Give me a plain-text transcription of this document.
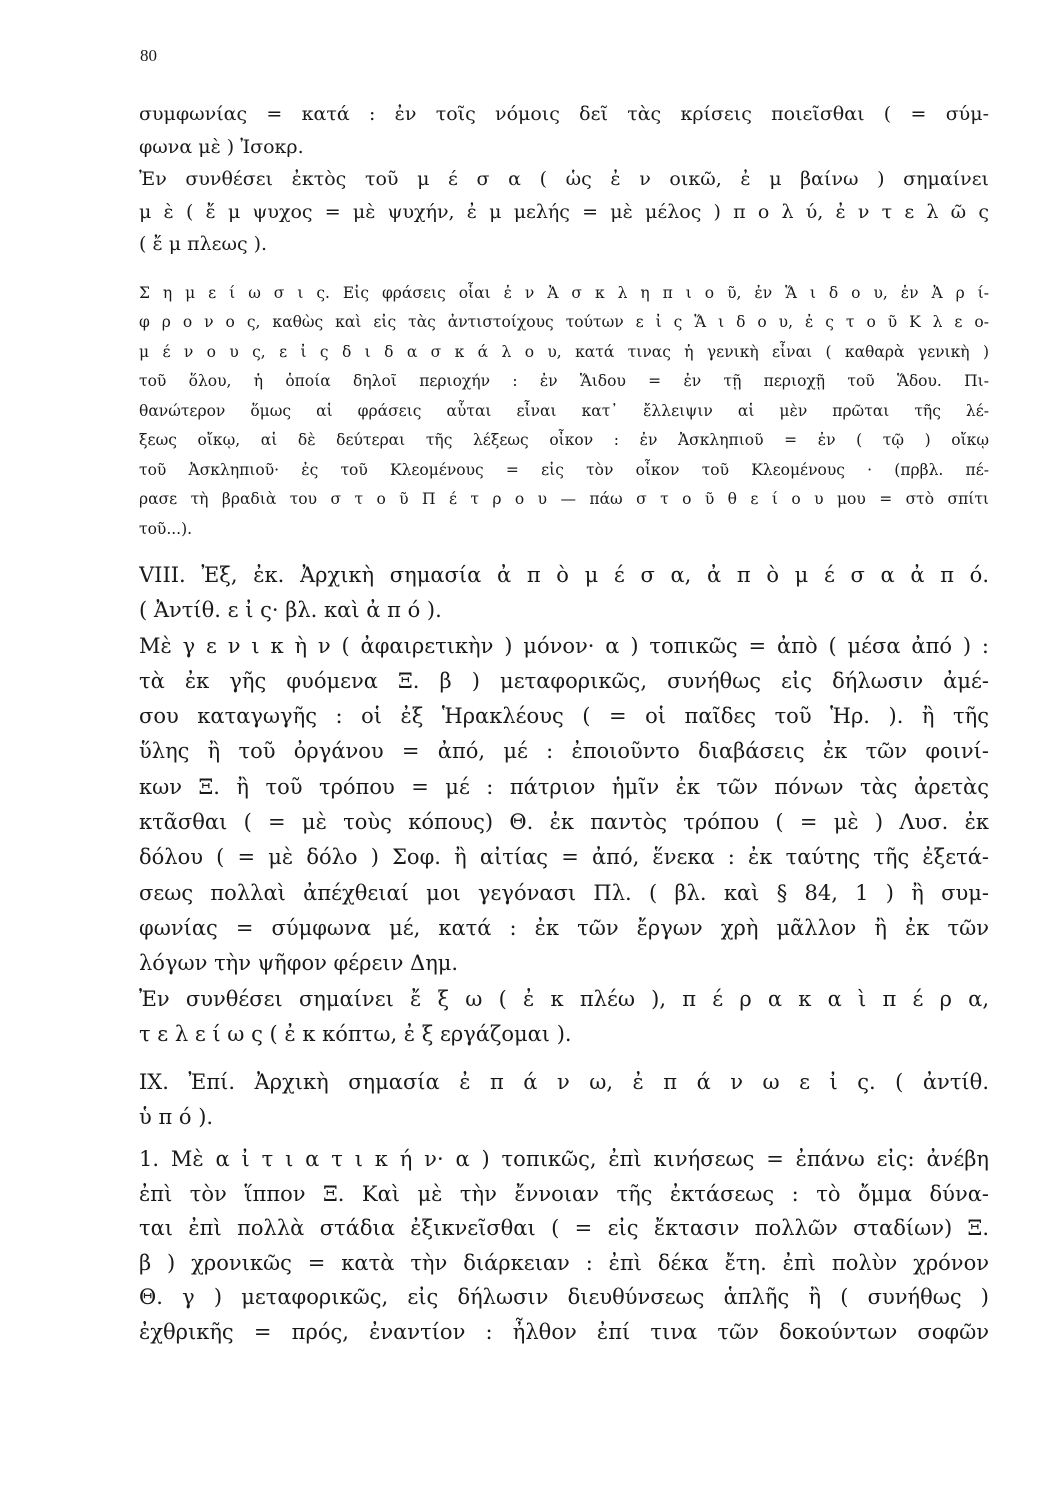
80
συμφωνίας = κατά : ἐν τοῖς νόμοις δεῖ τὰς κρίσεις ποιεῖσθαι ( = σύμ-
φωνα μὲ ) Ἰσοκρ.
Ἐν συνθέσει ἐκτὸς τοῦ μ έ σ α ( ὡς ἐ ν οικῶ, ἐ μ βαίνω ) σημαίνει
μ ὲ ( ἔ μ ψυχος = μὲ ψυχήν, ἐ μ μελής = μὲ μέλος ) π ο λ ύ, ἐ ν τ ε λ ῶ ς
( ἔ μ πλεως ).
Σ η μ ε ί ω σ ι ς. Εἰς φράσεις οἷαι ἐ ν Ἀ σ κ λ η π ι ο ῦ, ἐν Ἅ ι δ ο υ, ἐν Ἀ ρ ί-
φ ρ ο ν ο ς, καθὼς καὶ εἰς τὰς ἀντιστοίχους τούτων ε ἰ ς Ἅ ι δ ο υ, ἐ ς τ ο ῦ Κ λ ε ο-
μ έ ν ο υ ς, ε ἰ ς δ ι δ α σ κ ά λ ο υ, κατά τινας ἡ γενικὴ εἶναι ( καθαρὰ γενικὴ )
τοῦ ὅλου, ἡ ὁποία δηλοῖ περιοχήν : ἐν Ἅιδου = ἐν τῇ περιοχῇ τοῦ Ἅδου. Πι-
θανώτερον ὅμως αἱ φράσεις αὗται εἶναι κατ᾽ ἔλλειψιν αἱ μὲν πρῶται τῆς λέ-
ξεως οἴκῳ, αἱ δὲ δεύτεραι τῆς λέξεως οἶκον : ἐν Ἀσκληπιοῦ = ἐν ( τῷ ) οἴκῳ
τοῦ Ἀσκληπιοῦ· ἐς τοῦ Κλεομένους = εἰς τὸν οἶκον τοῦ Κλεομένους · (πρβλ. πέ-
ρασε τὴ βραδιὰ του σ τ ο ῦ Π έ τ ρ ο υ — πάω σ τ ο ῦ θ ε ί ο υ μου = στὸ σπίτι
τοῦ...).
VIII. Ἐξ, ἐκ. Ἀρχικὴ σημασία ἀ π ὸ μ έ σ α, ἀ π ὸ μ έ σ α ἀ π ό.
( Ἀντίθ. ε ἰ ς· βλ. καὶ ἀ π ό ).
Μὲ γ ε ν ι κ ὴ ν ( ἀφαιρετικὴν ) μόνον· α ) τοπικῶς = ἀπὸ ( μέσα ἀπό ) :
τὰ ἐκ γῆς φυόμενα Ξ. β ) μεταφορικῶς, συνήθως εἰς δήλωσιν ἀμέ-
σου καταγωγῆς : οἱ ἐξ Ἡρακλέους ( = οἱ παῖδες τοῦ Ἡρ. ). ἢ τῆς
ὕλης ἢ τοῦ ὀργάνου = ἀπό, μέ : ἐποιοῦντο διαβάσεις ἐκ τῶν φοινί-
κων Ξ. ἢ τοῦ τρόπου = μέ : πάτριον ἡμῖν ἐκ τῶν πόνων τὰς ἀρετὰς
κτᾶσθαι ( = μὲ τοὺς κόπους) Θ. ἐκ παντὸς τρόπου ( = μὲ ) Λυσ. ἐκ
δόλου ( = μὲ δόλο ) Σοφ. ἢ αἰτίας = ἀπό, ἕνεκα : ἐκ ταύτης τῆς ἐξετά-
σεως πολλαὶ ἀπέχθειαί μοι γεγόνασι Πλ. ( βλ. καὶ § 84, 1 ) ἢ συμ-
φωνίας = σύμφωνα μέ, κατά : ἐκ τῶν ἔργων χρὴ μᾶλλον ἢ ἐκ τῶν
λόγων τὴν ψῆφον φέρειν Δημ.
Ἐν συνθέσει σημαίνει ἔ ξ ω ( ἐ κ πλέω ), π έ ρ α κ α ὶ π έ ρ α,
τ ε λ ε ί ω ς ( ἐ κ κόπτω, ἐ ξ εργάζομαι ).
IX. Ἐπί. Ἀρχικὴ σημασία ἐ π ά ν ω, ἐ π ά ν ω ε ἰ ς. ( ἀντίθ.
ὑ π ό ).
1. Μὲ α ἰ τ ι α τ ι κ ή ν· α ) τοπικῶς, ἐπὶ κινήσεως = ἐπάνω εἰς: ἀνέβη
ἐπὶ τὸν ἵππον Ξ. Καὶ μὲ τὴν ἔννοιαν τῆς ἐκτάσεως : τὸ ὄμμα δύνα-
ται ἐπὶ πολλὰ στάδια ἐξικνεῖσθαι ( = εἰς ἔκτασιν πολλῶν σταδίων) Ξ.
β ) χρονικῶς = κατὰ τὴν διάρκειαν : ἐπὶ δέκα ἔτη. ἐπὶ πολὺν χρόνον
Θ. γ ) μεταφορικῶς, εἰς δήλωσιν διευθύνσεως ἁπλῆς ἢ ( συνήθως )
ἐχθρικῆς = πρός, ἐναντίον : ἦλθον ἐπί τινα τῶν δοκούντων σοφῶν
